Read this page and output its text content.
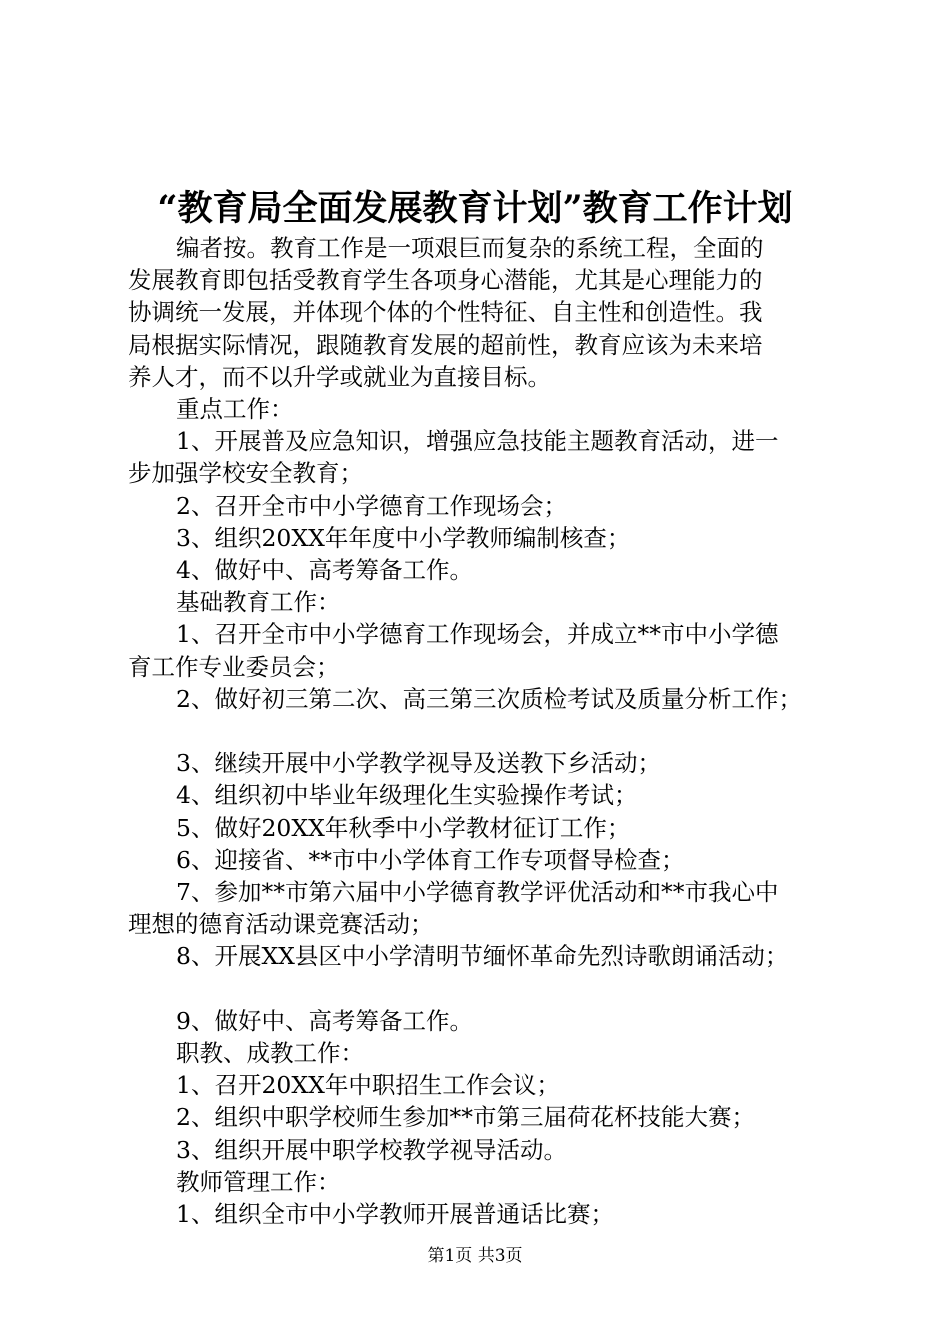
“教育局全面发展教育计划”教育工作计划

编者按。教育工作是一项艰巨而复杂的系统工程，全面的

发展教育即包括受教育学生各项身心潜能，尤其是心理能力的

协调统一发展，并体现个体的个性特征、自主性和创造性。我

局根据实际情况，跟随教育发展的超前性，教育应该为未来培

养人才，而不以升学或就业为直接目标。

重点工作：

1、开展普及应急知识，增强应急技能主题教育活动，进一

步加强学校安全教育；

2、召开全市中小学德育工作现场会；

3、组织20XX年年度中小学教师编制核查；

4、做好中、高考筹备工作。

基础教育工作：

1、召开全市中小学德育工作现场会，并成立**市中小学德

育工作专业委员会；

2、做好初三第二次、高三第三次质检考试及质量分析工作；

3、继续开展中小学教学视导及送教下乡活动；

4、组织初中毕业年级理化生实验操作考试；

5、做好20XX年秋季中小学教材征订工作；

6、迎接省、**市中小学体育工作专项督导检查；

7、参加**市第六届中小学德育教学评优活动和**市我心中

理想的德育活动课竞赛活动；

8、开展XX县区中小学清明节缅怀革命先烈诗歌朗诵活动；

9、做好中、高考筹备工作。

职教、成教工作：

1、召开20XX年中职招生工作会议；

2、组织中职学校师生参加**市第三届荷花杯技能大赛；

3、组织开展中职学校教学视导活动。

教师管理工作：

1、组织全市中小学教师开展普通话比赛；

第1页 共3页
